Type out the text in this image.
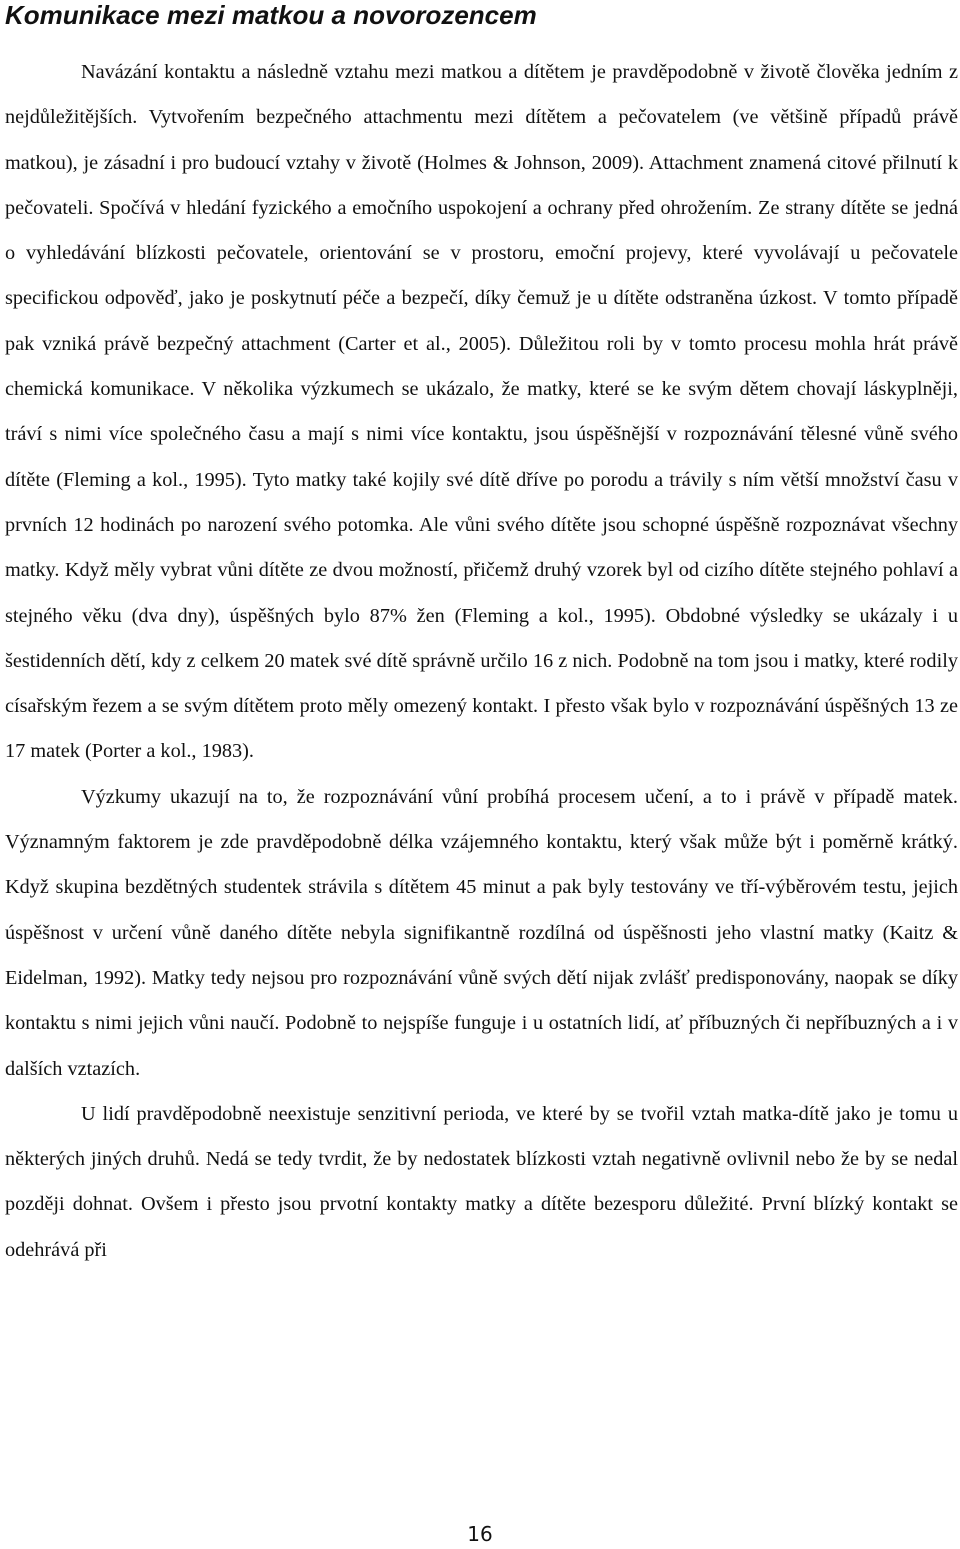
Komunikace mezi matkou a novorozencem

Navázání kontaktu a následně vztahu mezi matkou a dítětem je pravděpodobně v životě člověka jedním z nejdůležitějších. Vytvořením bezpečného attachmentu mezi dítětem a pečovatelem (ve většině případů právě matkou), je zásadní i pro budoucí vztahy v životě (Holmes & Johnson, 2009). Attachment znamená citové přilnutí k pečovateli. Spočívá v hledání fyzického a emočního uspokojení a ochrany před ohrožením. Ze strany dítěte se jedná o vyhledávání blízkosti pečovatele, orientování se v prostoru, emoční projevy, které vyvolávají u pečovatele specifickou odpověď, jako je poskytnutí péče a bezpečí, díky čemuž je u dítěte odstraněna úzkost. V tomto případě pak vzniká právě bezpečný attachment (Carter et al., 2005). Důležitou roli by v tomto procesu mohla hrát právě chemická komunikace. V několika výzkumech se ukázalo, že matky, které se ke svým dětem chovají láskyplněji, tráví s nimi více společného času a mají s nimi více kontaktu, jsou úspěšnější v rozpoznávání tělesné vůně svého dítěte (Fleming a kol., 1995). Tyto matky také kojily své dítě dříve po porodu a trávily s ním větší množství času v prvních 12 hodinách po narození svého potomka. Ale vůni svého dítěte jsou schopné úspěšně rozpoznávat všechny matky. Když měly vybrat vůni dítěte ze dvou možností, přičemž druhý vzorek byl od cizího dítěte stejného pohlaví a stejného věku (dva dny), úspěšných bylo 87% žen (Fleming a kol., 1995). Obdobné výsledky se ukázaly i u šestidenních dětí, kdy z celkem 20 matek své dítě správně určilo 16 z nich. Podobně na tom jsou i matky, které rodily císařským řezem a se svým dítětem proto měly omezený kontakt. I přesto však bylo v rozpoznávání úspěšných 13 ze 17 matek (Porter a kol., 1983).

Výzkumy ukazují na to, že rozpoznávání vůní probíhá procesem učení, a to i právě v případě matek. Významným faktorem je zde pravděpodobně délka vzájemného kontaktu, který však může být i poměrně krátký. Když skupina bezdětných studentek strávila s dítětem 45 minut a pak byly testovány ve tří-výběrovém testu, jejich úspěšnost v určení vůně daného dítěte nebyla signifikantně rozdílná od úspěšnosti jeho vlastní matky (Kaitz & Eidelman, 1992). Matky tedy nejsou pro rozpoznávání vůně svých dětí nijak zvlášť predisponovány, naopak se díky kontaktu s nimi jejich vůni naučí. Podobně to nejspíše funguje i u ostatních lidí, ať příbuzných či nepříbuzných a i v dalších vztazích.

U lidí pravděpodobně neexistuje senzitivní perioda, ve které by se tvořil vztah matka-dítě jako je tomu u některých jiných druhů. Nedá se tedy tvrdit, že by nedostatek blízkosti vztah negativně ovlivnil nebo že by se nedal později dohnat. Ovšem i přesto jsou prvotní kontakty matky a dítěte bezesporu důležité. První blízký kontakt se odehrává při

16
